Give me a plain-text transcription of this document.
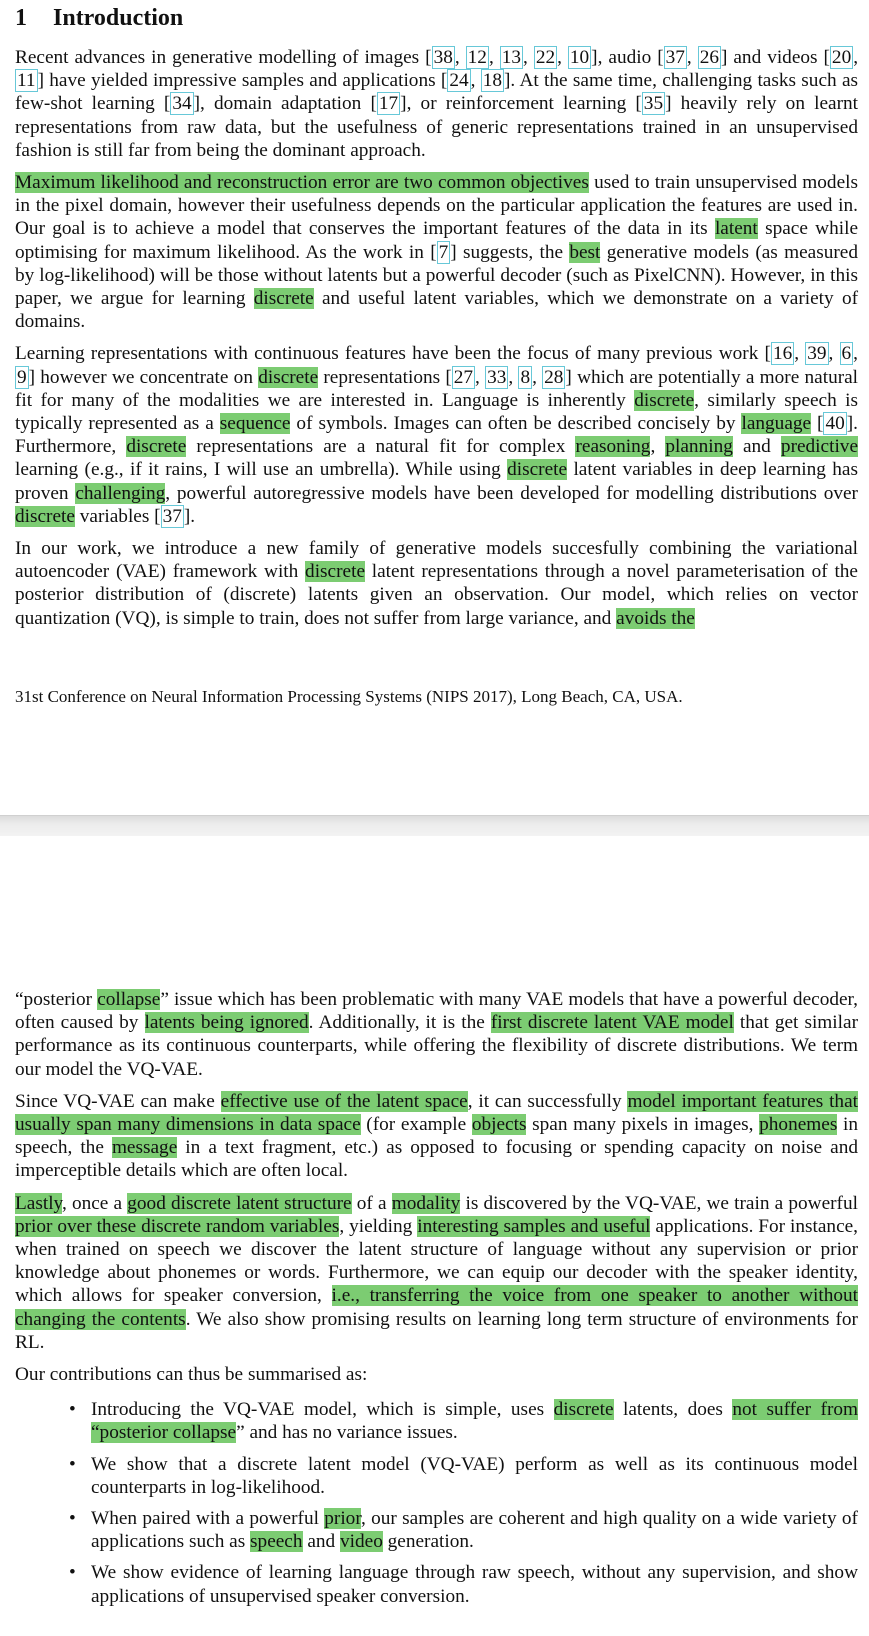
1 Introduction

Recent advances in generative modelling of images [ 38 , 12 , 13 , 22 , 10 ], audio [ 37 , 26 ] and videos [ 20 , 11 ] have yielded impressive samples and applications [ 24 , 18 ]. At the same time, challenging tasks such as few-shot learning [ 34 ], domain adaptation [ 17 ], or reinforcement learning [ 35 ] heavily rely on learnt representations from raw data, but the usefulness of generic representations trained in an unsupervised fashion is still far from being the dominant approach.

Maximum likelihood and reconstruction error are two common objectives used to train unsupervised models in the pixel domain, however their usefulness depends on the particular application the features are used in. Our goal is to achieve a model that conserves the important features of the data in its latent space while optimising for maximum likelihood. As the work in [ 7 ] suggests, the best generative models (as measured by log-likelihood) will be those without latents but a powerful decoder (such as PixelCNN). However, in this paper, we argue for learning discrete and useful latent variables, which we demonstrate on a variety of domains.

Learning representations with continuous features have been the focus of many previous work [ 16 , 39 , 6 , 9 ] however we concentrate on discrete representations [ 27 , 33 , 8 , 28 ] which are potentially a more natural fit for many of the modalities we are interested in. Language is inherently discrete, similarly speech is typically represented as a sequence of symbols. Images can often be described concisely by language [ 40 ]. Furthermore, discrete representations are a natural fit for complex reasoning, planning and predictive learning (e.g., if it rains, I will use an umbrella). While using discrete latent variables in deep learning has proven challenging, powerful autoregressive models have been developed for modelling distributions over discrete variables [ 37 ].

In our work, we introduce a new family of generative models succesfully combining the variational autoencoder (VAE) framework with discrete latent representations through a novel parameterisation of the posterior distribution of (discrete) latents given an observation. Our model, which relies on vector quantization (VQ), is simple to train, does not suffer from large variance, and avoids the

31st Conference on Neural Information Processing Systems (NIPS 2017), Long Beach, CA, USA.

“posterior collapse” issue which has been problematic with many VAE models that have a powerful decoder, often caused by latents being ignored. Additionally, it is the first discrete latent VAE model that get similar performance as its continuous counterparts, while offering the flexibility of discrete distributions. We term our model the VQ-VAE.

Since VQ-VAE can make effective use of the latent space, it can successfully model important features that usually span many dimensions in data space (for example objects span many pixels in images, phonemes in speech, the message in a text fragment, etc.) as opposed to focusing or spending capacity on noise and imperceptible details which are often local.

Lastly, once a good discrete latent structure of a modality is discovered by the VQ-VAE, we train a powerful prior over these discrete random variables, yielding interesting samples and useful applications. For instance, when trained on speech we discover the latent structure of language without any supervision or prior knowledge about phonemes or words. Furthermore, we can equip our decoder with the speaker identity, which allows for speaker conversion, i.e., transferring the voice from one speaker to another without changing the contents. We also show promising results on learning long term structure of environments for RL.

Our contributions can thus be summarised as:

• Introducing the VQ-VAE model, which is simple, uses discrete latents, does not suffer from “posterior collapse” and has no variance issues.
• We show that a discrete latent model (VQ-VAE) perform as well as its continuous model counterparts in log-likelihood.
• When paired with a powerful prior, our samples are coherent and high quality on a wide variety of applications such as speech and video generation.
• We show evidence of learning language through raw speech, without any supervision, and show applications of unsupervised speaker conversion.
